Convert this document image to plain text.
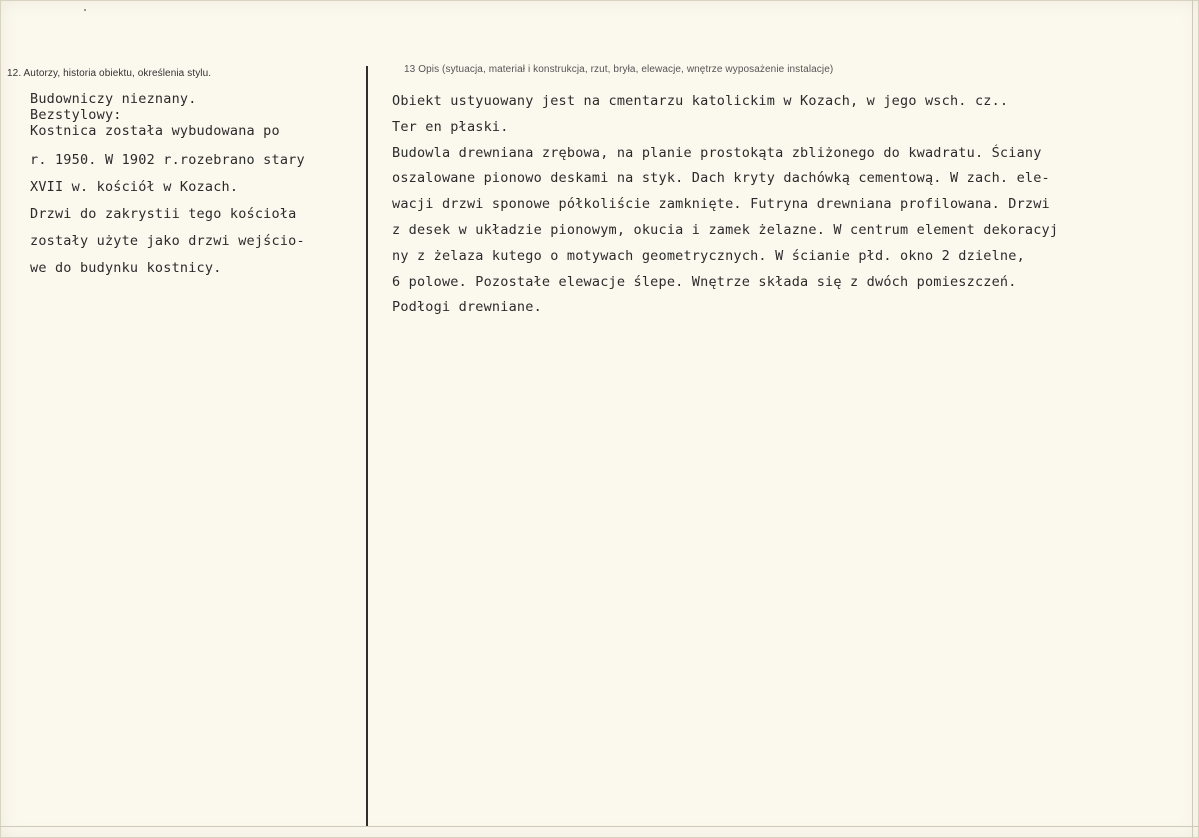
12. Autorzy, historia obiektu, określenia stylu.	13 Opis (sytuacja, materiał i konstrukcja, rzut, bryła, elewacje, wnętrze wyposażenie instalacje)
Budowniczy nieznany.
Bezstylowy:
Kostnica została wybudowana po
r. 1950. W 1902 r.rozebrano stary
XVII w. kościół w Kozach.
Drzwi do zakrystii tego kościoła
zostały użyte jako drzwi wejścio-
we do budynku kostnicy.
Obiekt ustyuowany jest na cmentarzu katolickim w Kozach, w jego wsch. cz..
Ter en płaski.
Budowla drewniana zrębowa, na planie prostokąta zbliżonego do kwadratu. Ściany
oszalowane pionowo deskami na styk. Dach kryty dachówką cementową. W zach. ele-
wacji drzwi sponowe półkoliście zamknięte. Futryna drewniana profilowana. Drzwi
z desek w układzie pionowym, okucia i zamek żelazne. W centrum element dekoracyj
ny z żelaza kutego o motywach geometrycznych. W ścianie płd. okno 2 dzielne,
6 polowe. Pozostałe elewacje ślepe. Wnętrze składa się z dwóch pomieszczeń.
Podłogi drewniane.
